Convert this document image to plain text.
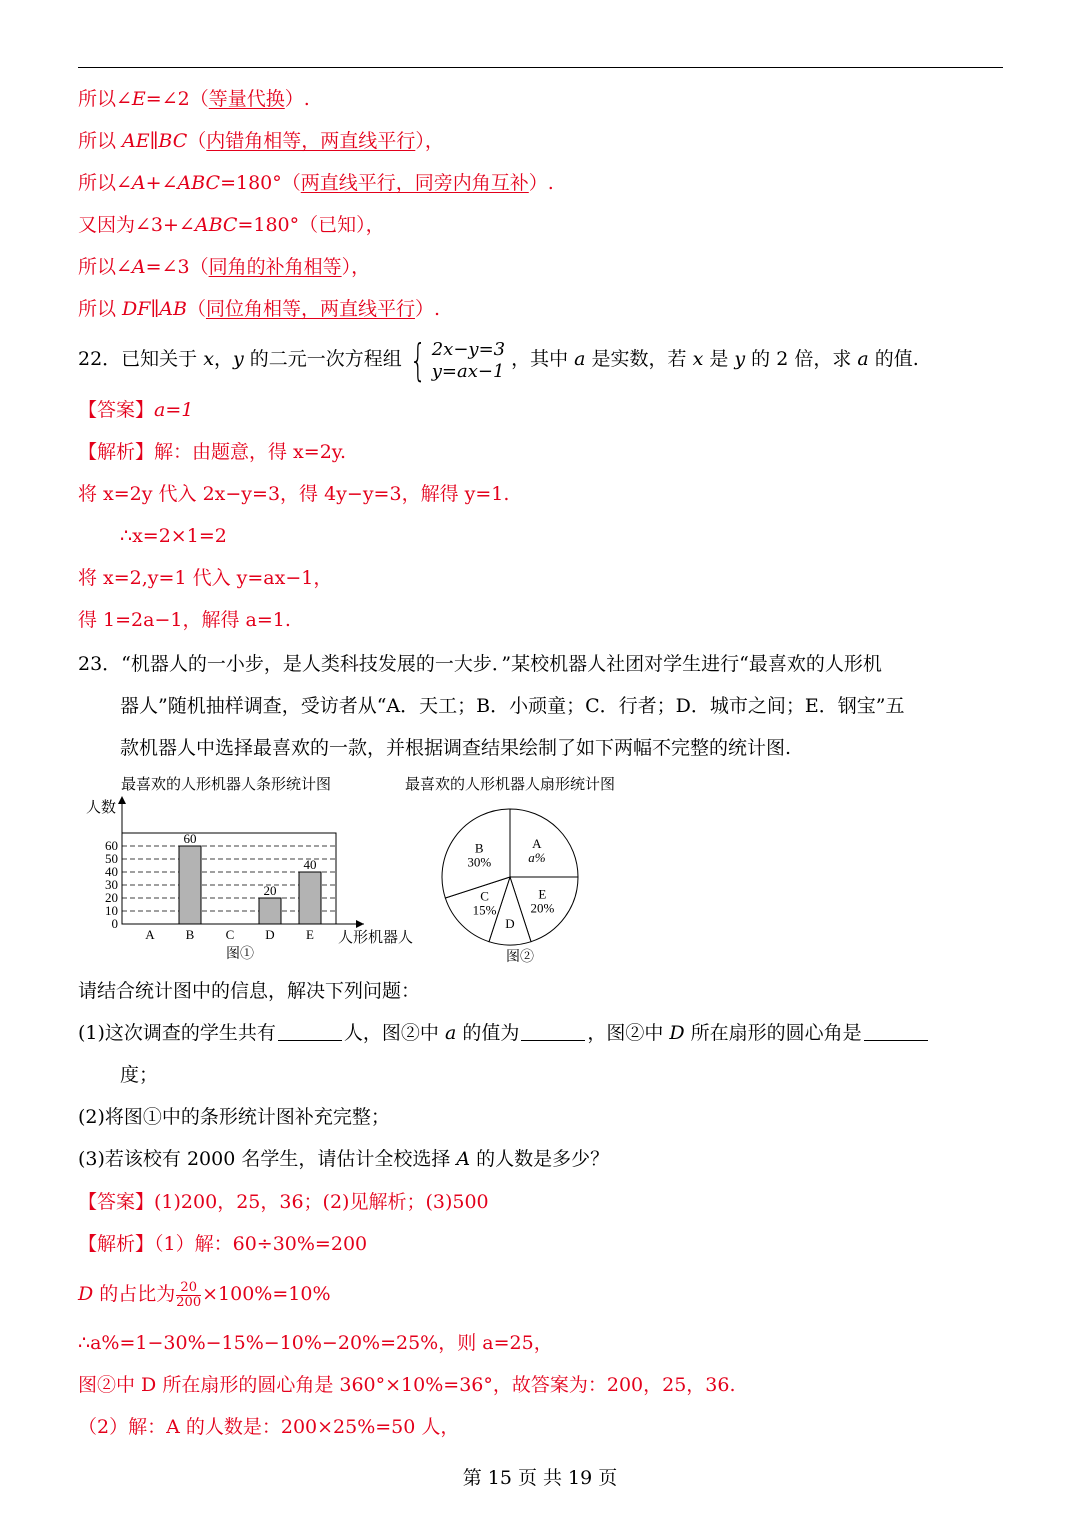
所以∠E=∠2（等量代换）.
所以 AE∥BC（内错角相等，两直线平行），
所以∠A+∠ABC=180°（两直线平行，同旁内角互补）.
又因为∠3+∠ABC=180°（已知），
所以∠A=∠3（同角的补角相等），
所以 DF∥AB（同位角相等，两直线平行）.
22．已知关于 x，y 的二元一次方程组 { 2x−y=3
y=ax−1
，其中 a 是实数，若 x 是 y 的 2 倍，求 a 的值.
【答案】a=1
【解析】解：由题意，得 x=2y.
将 x=2y 代入 2x−y=3，得 4y−y=3，解得 y=1.
∴x=2×1=2
将 x=2,y=1 代入 y=ax−1，
得 1=2a−1，解得 a=1.
23．“机器人的一小步，是人类科技发展的一大步．”某校机器人社团对学生进行“最喜欢的人形机
器人”随机抽样调查，受访者从“A．天工；B．小顽童；C．行者；D．城市之间；E．钢宝”五
款机器人中选择最喜欢的一款，并根据调查结果绘制了如下两幅不完整的统计图.
最喜欢的人形机器人条形统计图	最喜欢的人形机器人扇形统计图
人数
人形机器人
图①
0
10
20
30
40
50
60
A
60
B C
20
D
40
E
图②
A
a%
E
20%
D
C
15%
B
30%
请结合统计图中的信息，解决下列问题：
(1)这次调查的学生共有	人，图②中 a 的值为	，图②中 D 所在扇形的圆心角是
度；
(2)将图①中的条形统计图补充完整；
(3)若该校有 2000 名学生，请估计全校选择 A 的人数是多少？
【答案】(1)200，25，36；(2)见解析；(3)500
【解析】（1）解：60÷30%=200
D 的占比为 $\frac{20}{200} \times 100\%=10\%$
∴a%=1−30%−15%−10%−20%=25%，则 a=25，
图②中 D 所在扇形的圆心角是 360°×10%=36°，故答案为：200，25，36.
（2）解：A 的人数是：200×25%=50 人，
第 15 页 共 19 页
